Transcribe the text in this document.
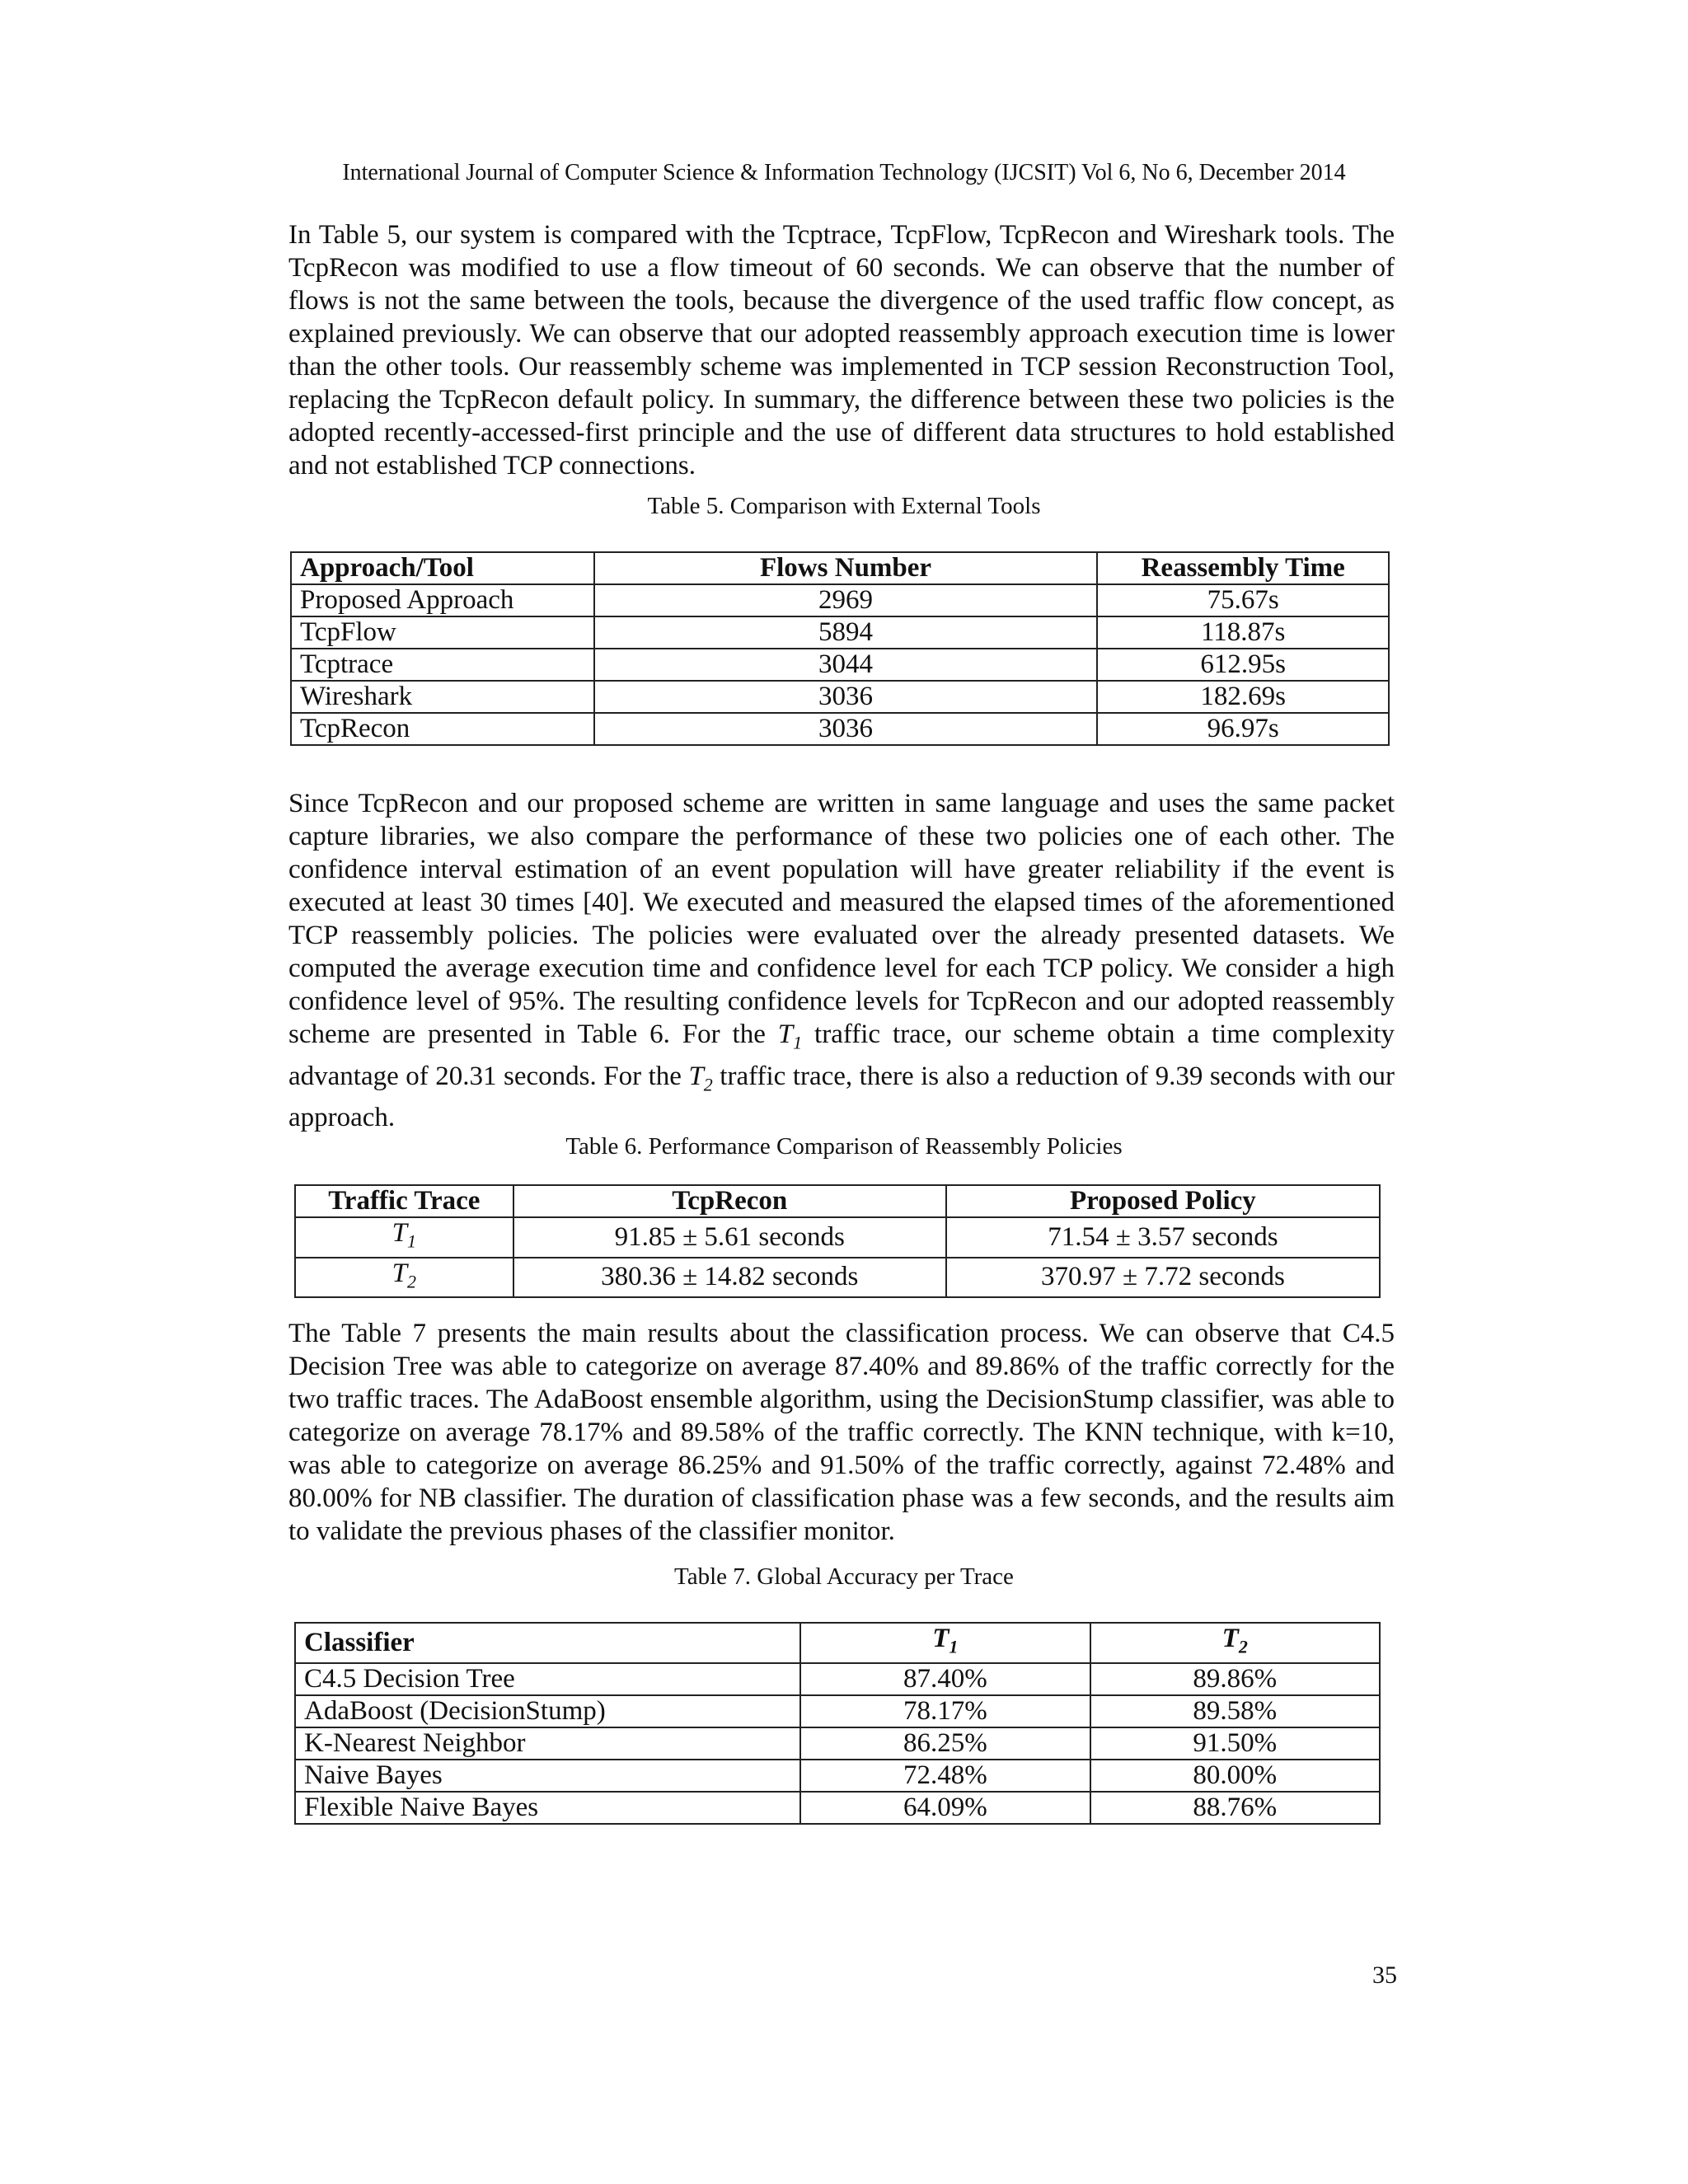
International Journal of Computer Science & Information Technology (IJCSIT) Vol 6, No 6, December 2014

In Table 5, our system is compared with the Tcptrace, TcpFlow, TcpRecon and Wireshark tools. The TcpRecon was modified to use a flow timeout of 60 seconds. We can observe that the number of flows is not the same between the tools, because the divergence of the used traffic flow concept, as explained previously. We can observe that our adopted reassembly approach execution time is lower than the other tools. Our reassembly scheme was implemented in TCP session Reconstruction Tool, replacing the TcpRecon default policy. In summary, the difference between these two policies is the adopted recently-accessed-first principle and the use of different data structures to hold established and not established TCP connections.

Table 5. Comparison with External Tools
Approach/Tool	Flows Number	Reassembly Time
Proposed Approach	2969	75.67s
TcpFlow	5894	118.87s
Tcptrace	3044	612.95s
Wireshark	3036	182.69s
TcpRecon	3036	96.97s

Since TcpRecon and our proposed scheme are written in same language and uses the same packet capture libraries, we also compare the performance of these two policies one of each other. The confidence interval estimation of an event population will have greater reliability if the event is executed at least 30 times [40]. We executed and measured the elapsed times of the aforementioned TCP reassembly policies. The policies were evaluated over the already presented datasets. We computed the average execution time and confidence level for each TCP policy. We consider a high confidence level of 95%. The resulting confidence levels for TcpRecon and our adopted reassembly scheme are presented in Table 6. For the $T_1$ traffic trace, our scheme obtain a time complexity advantage of 20.31 seconds. For the $T_2$ traffic trace, there is also a reduction of 9.39 seconds with our approach.

Table 6. Performance Comparison of Reassembly Policies
Traffic Trace	TcpRecon	Proposed Policy
$T_1$	91.85 ± 5.61 seconds	71.54 ± 3.57 seconds
$T_2$	380.36 ± 14.82 seconds	370.97 ± 7.72 seconds

The Table 7 presents the main results about the classification process. We can observe that C4.5 Decision Tree was able to categorize on average 87.40% and 89.86% of the traffic correctly for the two traffic traces. The AdaBoost ensemble algorithm, using the DecisionStump classifier, was able to categorize on average 78.17% and 89.58% of the traffic correctly. The KNN technique, with k=10, was able to categorize on average 86.25% and 91.50% of the traffic correctly, against 72.48% and 80.00% for NB classifier. The duration of classification phase was a few seconds, and the results aim to validate the previous phases of the classifier monitor.

Table 7. Global Accuracy per Trace
Classifier	$T_1$	$T_2$
C4.5 Decision Tree	87.40%	89.86%
AdaBoost (DecisionStump)	78.17%	89.58%
K-Nearest Neighbor	86.25%	91.50%
Naive Bayes	72.48%	80.00%
Flexible Naive Bayes	64.09%	88.76%
35
